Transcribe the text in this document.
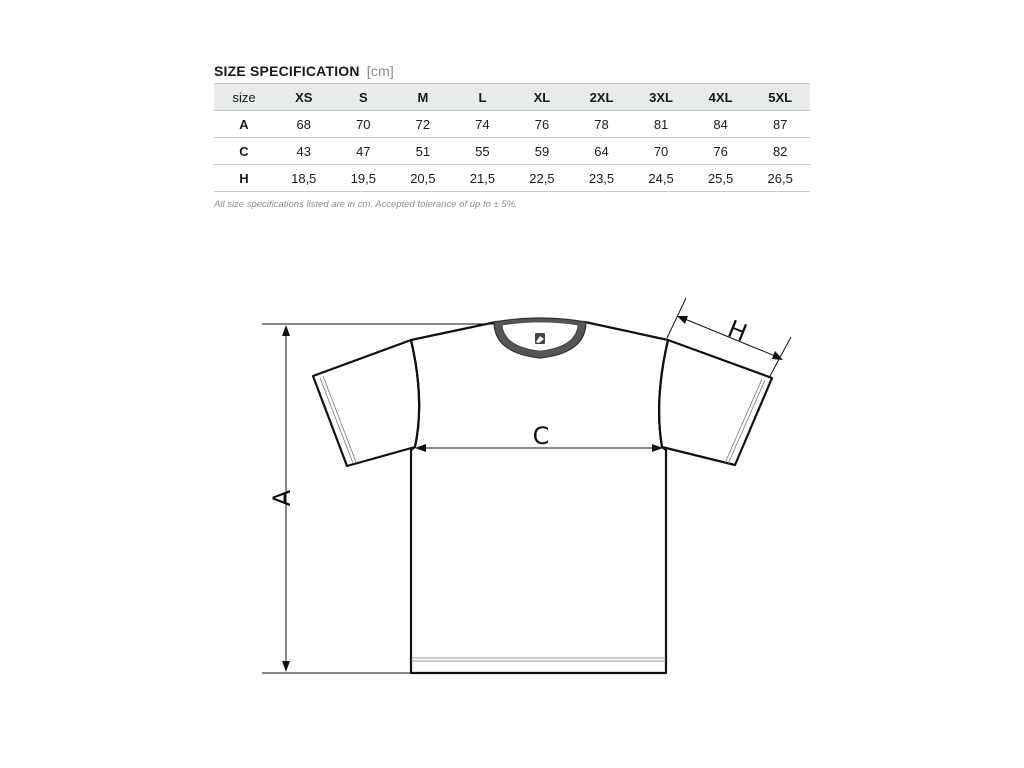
SIZE SPECIFICATION [cm]
size	XS	S	M	L	XL	2XL	3XL	4XL	5XL
A	68	70	72	74	76	78	81	84	87
C	43	47	51	55	59	64	70	76	82
H	18,5	19,5	20,5	21,5	22,5	23,5	24,5	25,5	26,5
All size specifications listed are in cm. Accepted tolerance of up to ± 5%.
A
C
H
